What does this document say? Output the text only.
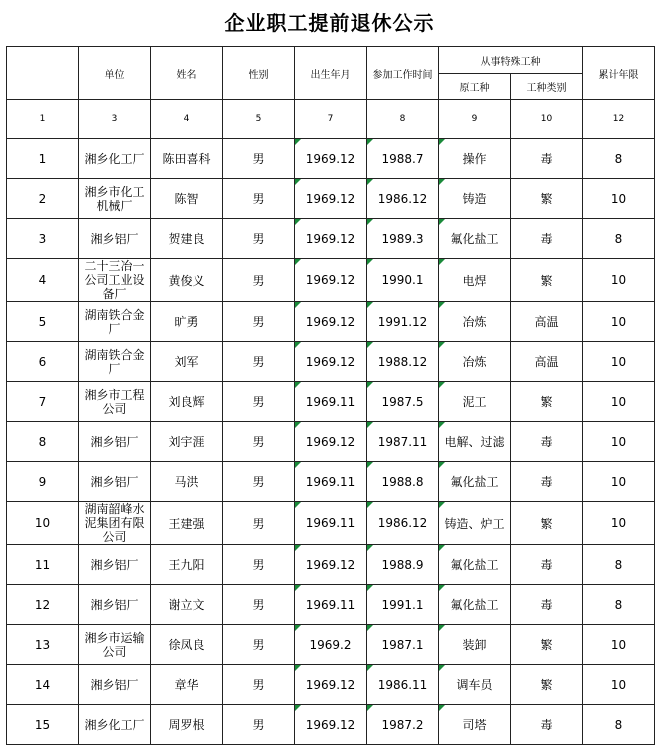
企业职工提前退休公示
	单位	姓名	性别	出生年月	参加工作时间	从事特殊工种		累计年限
						原工种	工种类别	
1	3	4	5	7	8	9	10	12
1	湘乡化工厂	陈田喜科	男	1969.12	1988.7	操作	毒	8
2	湘乡市化工机械厂	陈智	男	1969.12	1986.12	铸造	繁	10
3	湘乡铝厂	贺建良	男	1969.12	1989.3	氟化盐工	毒	8
4	二十三冶一公司工业设备厂	黄俊义	男	1969.12	1990.1	电焊	繁	10
5	湖南铁合金厂	旷勇	男	1969.12	1991.12	冶炼	高温	10
6	湖南铁合金厂	刘军	男	1969.12	1988.12	冶炼	高温	10
7	湘乡市工程公司	刘良辉	男	1969.11	1987.5	泥工	繁	10
8	湘乡铝厂	刘宇涯	男	1969.12	1987.11	电解、过滤	毒	10
9	湘乡铝厂	马洪	男	1969.11	1988.8	氟化盐工	毒	10
10	湖南韶峰水泥集团有限公司	王建强	男	1969.11	1986.12	铸造、炉工	繁	10
11	湘乡铝厂	王九阳	男	1969.12	1988.9	氟化盐工	毒	8
12	湘乡铝厂	谢立文	男	1969.11	1991.1	氟化盐工	毒	8
13	湘乡市运输公司	徐凤良	男	1969.2	1987.1	装卸	繁	10
14	湘乡铝厂	章华	男	1969.12	1986.11	调车员	繁	10
15	湘乡化工厂	周罗根	男	1969.12	1987.2	司塔	毒	8
